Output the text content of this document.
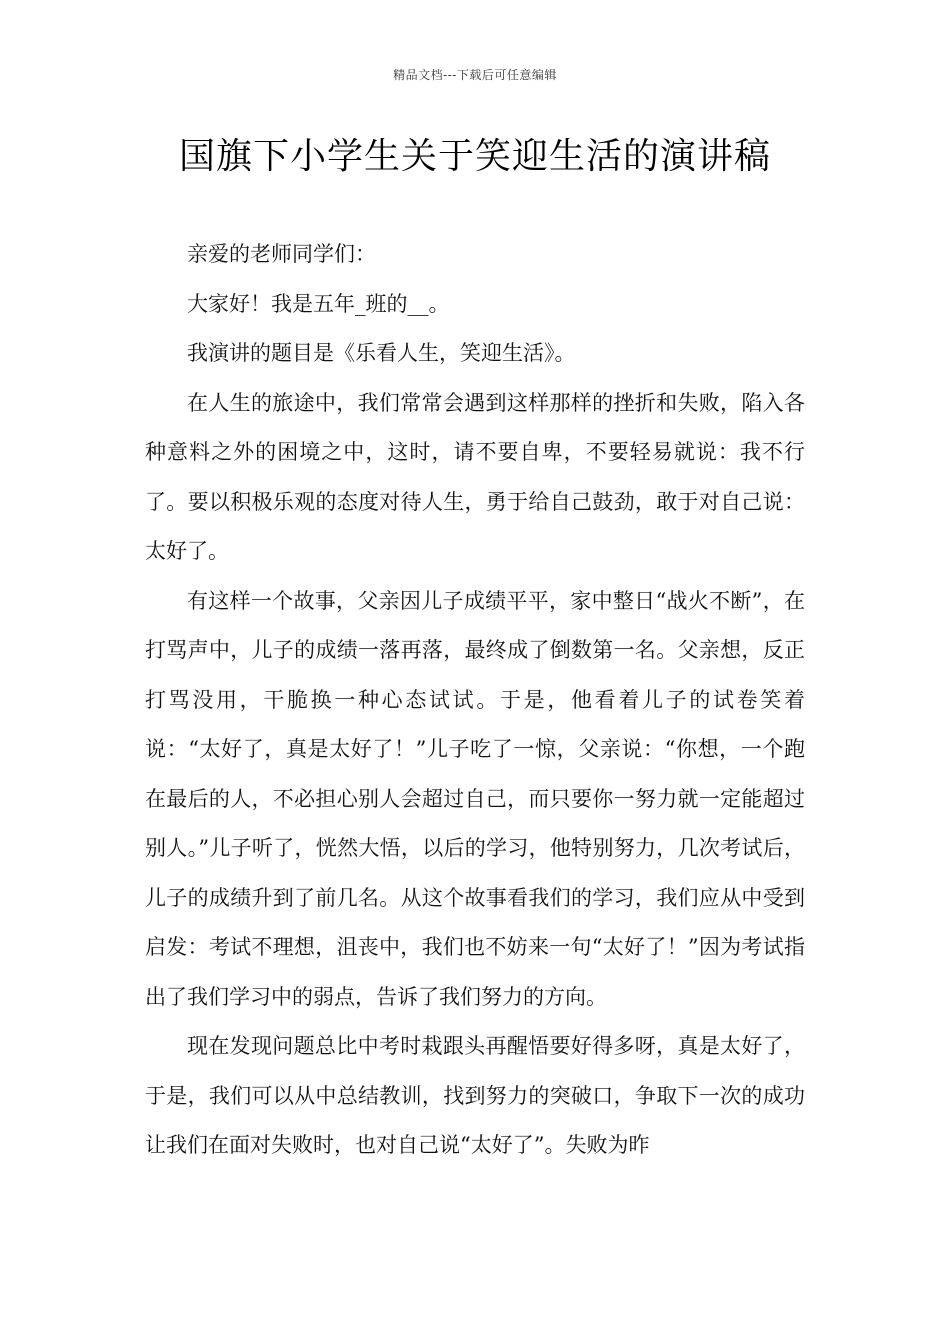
精品文档---下载后可任意编辑
国旗下小学生关于笑迎生活的演讲稿

亲爱的老师同学们：

大家好！我是五年_班的__。

我演讲的题目是《乐看人生，笑迎生活》。

在人生的旅途中，我们常常会遇到这样那样的挫折和失败，陷入各种意料之外的困境之中，这时，请不要自卑，不要轻易就说：我不行了。要以积极乐观的态度对待人生，勇于给自己鼓劲，敢于对自己说：太好了。

有这样一个故事，父亲因儿子成绩平平，家中整日“战火不断”，在打骂声中，儿子的成绩一落再落，最终成了倒数第一名。父亲想，反正打骂没用，干脆换一种心态试试。于是，他看着儿子的试卷笑着说：“太好了，真是太好了！”儿子吃了一惊，父亲说：“你想，一个跑在最后的人，不必担心别人会超过自己，而只要你一努力就一定能超过别人。”儿子听了，恍然大悟，以后的学习，他特别努力，几次考试后，儿子的成绩升到了前几名。从这个故事看我们的学习，我们应从中受到启发：考试不理想，沮丧中，我们也不妨来一句“太好了！”因为考试指出了我们学习中的弱点，告诉了我们努力的方向。

现在发现问题总比中考时栽跟头再醒悟要好得多呀，真是太好了，于是，我们可以从中总结教训，找到努力的突破口，争取下一次的成功让我们在面对失败时，也对自己说“太好了”。失败为昨
